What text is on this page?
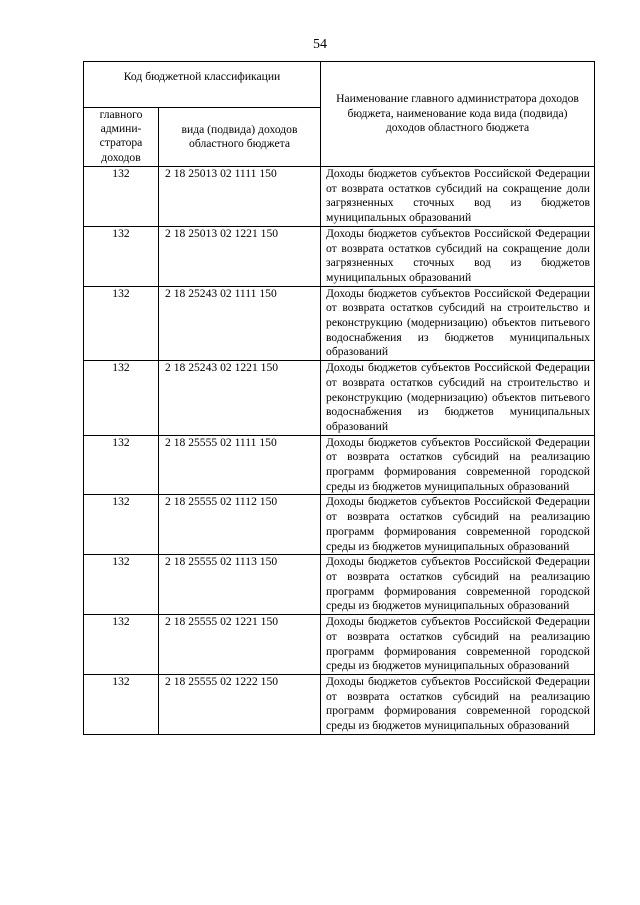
54
Код бюджетной классификации		Наименование главного администратора доходов бюджета, наименование кода вида (подвида) доходов областного бюджета
главного админи-стратора доходов	вида (подвида) доходов областного бюджета	
132	2 18 25013 02 1111 150	Доходы бюджетов субъектов Российской Федерации от возврата остатков субсидий на сокращение доли загрязненных сточных вод из бюджетов муниципальных образований
132	2 18 25013 02 1221 150	Доходы бюджетов субъектов Российской Федерации от возврата остатков субсидий на сокращение доли загрязненных сточных вод из бюджетов муниципальных образований
132	2 18 25243 02 1111 150	Доходы бюджетов субъектов Российской Федерации от возврата остатков субсидий на строительство и реконструкцию (модернизацию) объектов питьевого водоснабжения из бюджетов муниципальных образований
132	2 18 25243 02 1221 150	Доходы бюджетов субъектов Российской Федерации от возврата остатков субсидий на строительство и реконструкцию (модернизацию) объектов питьевого водоснабжения из бюджетов муниципальных образований
132	2 18 25555 02 1111 150	Доходы бюджетов субъектов Российской Федерации от возврата остатков субсидий на реализацию программ формирования современной городской среды из бюджетов муниципальных образований
132	2 18 25555 02 1112 150	Доходы бюджетов субъектов Российской Федерации от возврата остатков субсидий на реализацию программ формирования современной городской среды из бюджетов муниципальных образований
132	2 18 25555 02 1113 150	Доходы бюджетов субъектов Российской Федерации от возврата остатков субсидий на реализацию программ формирования современной городской среды из бюджетов муниципальных образований
132	2 18 25555 02 1221 150	Доходы бюджетов субъектов Российской Федерации от возврата остатков субсидий на реализацию программ формирования современной городской среды из бюджетов муниципальных образований
132	2 18 25555 02 1222 150	Доходы бюджетов субъектов Российской Федерации от возврата остатков субсидий на реализацию программ формирования современной городской среды из бюджетов муниципальных образований
